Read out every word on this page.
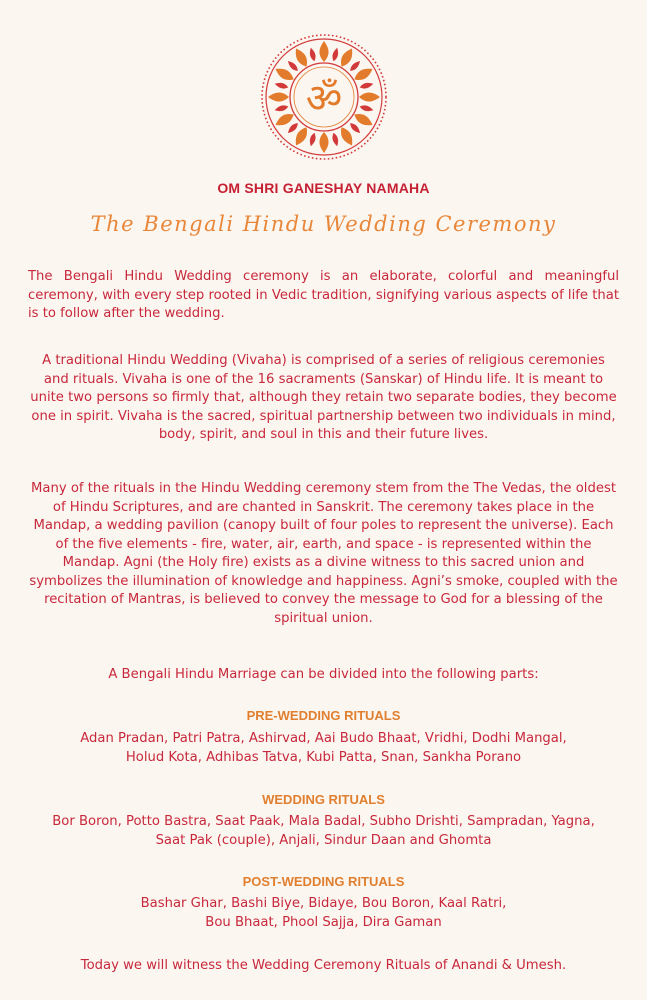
ॐ
OM SHRI GANESHAY NAMAHA
The Bengali Hindu Wedding Ceremony

The Bengali Hindu Wedding ceremony is an elaborate, colorful and meaningful ceremony, with every step rooted in Vedic tradition, signifying various aspects of life that is to follow after the wedding.

A traditional Hindu Wedding (Vivaha) is comprised of a series of religious ceremonies and rituals. Vivaha is one of the 16 sacraments (Sanskar) of Hindu life. It is meant to unite two persons so firmly that, although they retain two separate bodies, they become one in spirit. Vivaha is the sacred, spiritual partnership between two individuals in mind, body, spirit, and soul in this and their future lives.

Many of the rituals in the Hindu Wedding ceremony stem from the The Vedas, the oldest of Hindu Scriptures, and are chanted in Sanskrit. The ceremony takes place in the Mandap, a wedding pavilion (canopy built of four poles to represent the universe). Each of the five elements - fire, water, air, earth, and space - is represented within the Mandap. Agni (the Holy fire) exists as a divine witness to this sacred union and symbolizes the illumination of knowledge and happiness. Agni’s smoke, coupled with the recitation of Mantras, is believed to convey the message to God for a blessing of the spiritual union.

A Bengali Hindu Marriage can be divided into the following parts:

PRE-WEDDING RITUALS
Adan Pradan, Patri Patra, Ashirvad, Aai Budo Bhaat, Vridhi, Dodhi Mangal,
Holud Kota, Adhibas Tatva, Kubi Patta, Snan, Sankha Porano
WEDDING RITUALS
Bor Boron, Potto Bastra, Saat Paak, Mala Badal, Subho Drishti, Sampradan, Yagna,
Saat Pak (couple), Anjali, Sindur Daan and Ghomta
POST-WEDDING RITUALS
Bashar Ghar, Bashi Biye, Bidaye, Bou Boron, Kaal Ratri,
Bou Bhaat, Phool Sajja, Dira Gaman

Today we will witness the Wedding Ceremony Rituals of Anandi & Umesh.
